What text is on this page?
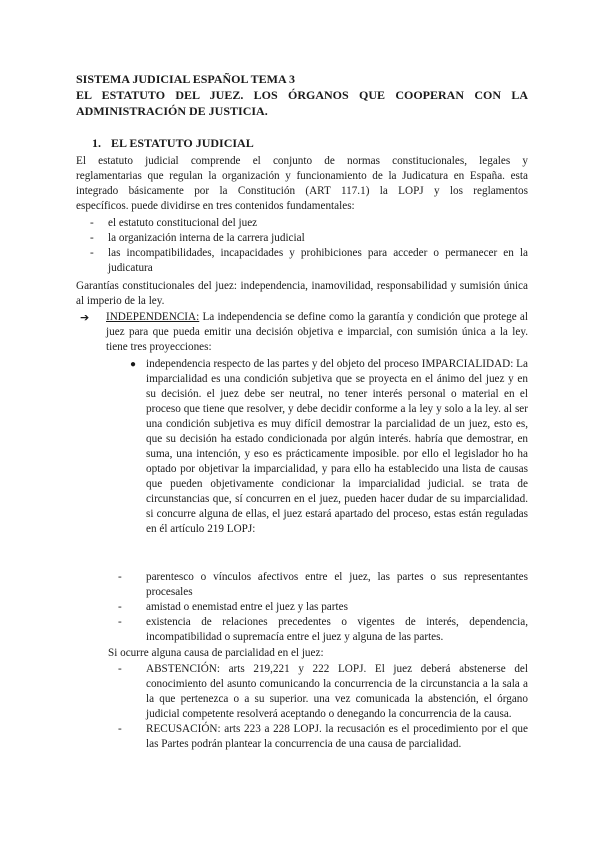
SISTEMA JUDICIAL ESPAÑOL TEMA 3
EL ESTATUTO DEL JUEZ. LOS ÓRGANOS QUE COOPERAN CON LA
ADMINISTRACIÓN DE JUSTICIA.
1. EL ESTATUTO JUDICIAL
El estatuto judicial comprende el conjunto de normas constitucionales, legales y
reglamentarias que regulan la organización y funcionamiento de la Judicatura en España. esta
integrado básicamente por la Constitución (ART 117.1) la LOPJ y los reglamentos
específicos. puede dividirse en tres contenidos fundamentales:
- el estatuto constitucional del juez
- la organización interna de la carrera judicial
- las incompatibilidades, incapacidades y prohibiciones para acceder o permanecer en la judicatura
Garantías constitucionales del juez: independencia, inamovilidad, responsabilidad y sumisión única al imperio de la ley.
➔ INDEPENDENCIA: La independencia se define como la garantía y condición que protege al juez para que pueda emitir una decisión objetiva e imparcial, con sumisión única a la ley. tiene tres proyecciones:
● independencia respecto de las partes y del objeto del proceso IMPARCIALIDAD: La imparcialidad es una condición subjetiva que se proyecta en el ánimo del juez y en su decisión. el juez debe ser neutral, no tener interés personal o material en el proceso que tiene que resolver, y debe decidir conforme a la ley y solo a la ley. al ser una condición subjetiva es muy difícil demostrar la parcialidad de un juez, esto es, que su decisión ha estado condicionada por algún interés. habría que demostrar, en suma, una intención, y eso es prácticamente imposible. por ello el legislador ho ha optado por objetivar la imparcialidad, y para ello ha establecido una lista de causas que pueden objetivamente condicionar la imparcialidad judicial. se trata de circunstancias que, sí concurren en el juez, pueden hacer dudar de su imparcialidad. si concurre alguna de ellas, el juez estará apartado del proceso, estas están reguladas en él artículo 219 LOPJ:
- parentesco o vínculos afectivos entre el juez, las partes o sus representantes procesales
- amistad o enemistad entre el juez y las partes
- existencia de relaciones precedentes o vigentes de interés, dependencia, incompatibilidad o supremacía entre el juez y alguna de las partes.
Si ocurre alguna causa de parcialidad en el juez:
- ABSTENCIÓN: arts 219,221 y 222 LOPJ. El juez deberá abstenerse del conocimiento del asunto comunicando la concurrencia de la circunstancia a la sala a la que pertenezca o a su superior. una vez comunicada la abstención, el órgano judicial competente resolverá aceptando o denegando la concurrencia de la causa.
- RECUSACIÓN: arts 223 a 228 LOPJ. la recusación es el procedimiento por el que las Partes podrán plantear la concurrencia de una causa de parcialidad.
